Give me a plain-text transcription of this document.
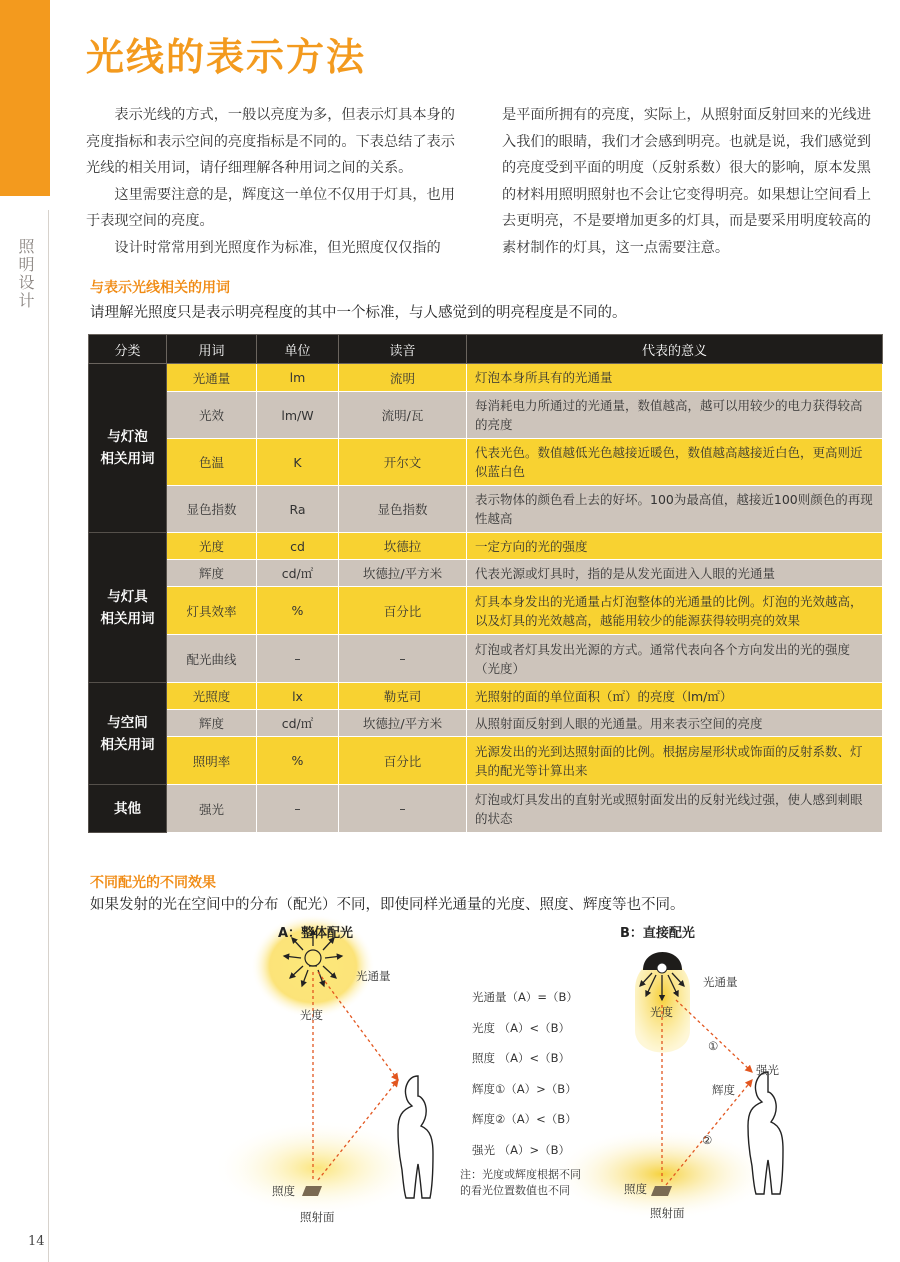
照明设计
14
光线的表示方法

表示光线的方式，一般以亮度为多，但表示灯具本身的亮度指标和表示空间的亮度指标是不同的。下表总结了表示光线的相关用词，请仔细理解各种用词之间的关系。

这里需要注意的是，辉度这一单位不仅用于灯具，也用于表现空间的亮度。

设计时常常用到光照度作为标准，但光照度仅仅指的

是平面所拥有的亮度，实际上，从照射面反射回来的光线进入我们的眼睛，我们才会感到明亮。也就是说，我们感觉到的亮度受到平面的明度（反射系数）很大的影响，原本发黑的材料用照明照射也不会让它变得明亮。如果想让空间看上去更明亮，不是要增加更多的灯具，而是要采用明度较高的素材制作的灯具，这一点需要注意。

与表示光线相关的用词
请理解光照度只是表示明亮程度的其中一个标准，与人感觉到的明亮程度是不同的。
分类	用词	单位	读音	代表的意义
与灯泡
相关用词	光通量	lm	流明	灯泡本身所具有的光通量
	光效	lm/W	流明/瓦	每消耗电力所通过的光通量，数值越高，越可以用较少的电力获得较高的亮度
	色温	K	开尔文	代表光色。数值越低光色越接近暖色，数值越高越接近白色，更高则近似蓝白色
	显色指数	Ra	显色指数	表示物体的颜色看上去的好坏。100为最高值，越接近100则颜色的再现性越高
与灯具
相关用词	光度	cd	坎德拉	一定方向的光的强度
	辉度	cd/㎡	坎德拉/平方米	代表光源或灯具时，指的是从发光面进入人眼的光通量
	灯具效率	%	百分比	灯具本身发出的光通量占灯泡整体的光通量的比例。灯泡的光效越高，以及灯具的光效越高，越能用较少的能源获得较明亮的效果
	配光曲线	–	–	灯泡或者灯具发出光源的方式。通常代表向各个方向发出的光的强度（光度）
与空间
相关用词	光照度	lx	勒克司	光照射的面的单位面积（㎡）的亮度（lm/㎡）
	辉度	cd/㎡	坎德拉/平方米	从照射面反射到人眼的光通量。用来表示空间的亮度
	照明率	%	百分比	光源发出的光到达照射面的比例。根据房屋形状或饰面的反射系数、灯具的配光等计算出来
其他	强光	–	–	灯泡或灯具发出的直射光或照射面发出的反射光线过强，使人感到刺眼的状态
不同配光的不同效果
如果发射的光在空间中的分布（配光）不同，即使同样光通量的光度、照度、辉度等也不同。
A：整体配光	B：直接配光
光通量
光度
照度
照射面
光通量
光度
①
强光
辉度
②
照度
照射面
光通量（A）=（B）
光度 （A）<（B）
照度 （A）<（B）
辉度①（A）>（B）
辉度②（A）<（B）
强光 （A）>（B）
注：光度或辉度根据不同
的看光位置数值也不同
